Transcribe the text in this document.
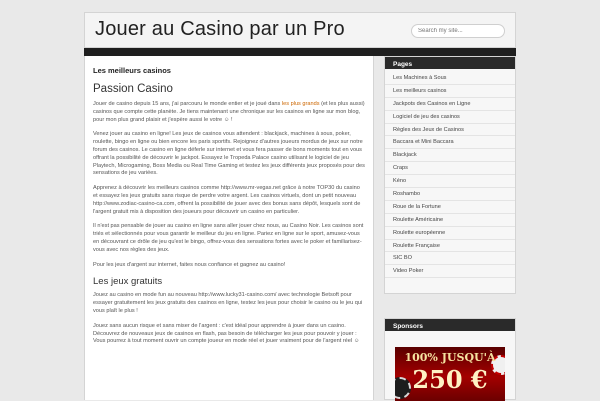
Jouer au Casino par un Pro
Search my site...
Les meilleurs casinos
Passion Casino

Jouer de casino depuis 15 ans, j'ai parcouru le monde entier et je joué dans les plus grands (et les plus aussi) casinos que compte cette planète. Je tiens maintenant une chronique sur les casinos en ligne sur mon blog, pour mon plus grand plaisir et j'espère aussi le votre ☺ !

Venez jouer au casino en ligne! Les jeux de casinos vous attendent : blackjack, machines à sous, poker, roulette, bingo en ligne ou bien encore les paris sportifs. Rejoignez d'autres joueurs mordus de jeux sur notre forum des casinos. Le casino en ligne déferle sur internet et vous fera passer de bons moments tout en vous offrant la possibilité de découvrir le jackpot. Essayez le Tropeda Palace casino utilisant le logiciel de jeu Playtech, Microgaming, Boss Media ou Real Time Gaming et testez les jeux différents jeux proposés pour des sensations de jeu variées.

Apprenez à découvrir les meilleurs casinos comme http://www.mr-vegas.net grâce à notre TOP30 du casino et essayez les jeux gratuits sans risque de perdre votre argent. Les casinos virtuels, dont un petit nouveau http://www.zodiac-casino-ca.com, offrent la possibilité de jouer avec des bonus sans dépôt, lesquels sont de l'argent gratuit mis à disposition des joueurs pour découvrir un casino en particulier.

Il n'est pas pensable de jouer au casino en ligne sans aller jouer chez nous, au Casino Noir. Les casinos sont triés et sélectionnés pour vous garantir le meilleur du jeu en ligne. Pariez en ligne sur le sport, amusez-vous en découvrant ce drôle de jeu qu'est le bingo, offrez-vous des sensations fortes avec le poker et familiarisez-vous avec nos règles des jeux.

Pour les jeux d'argent sur internet, faites nous confiance et gagnez au casino!

Les jeux gratuits

Jouez au casino en mode fun au nouveau http://www.lucky31-casino.com/ avec technologie Betsoft pour essayer gratuitement les jeux gratuits des casinos en ligne, testez les jeux pour choisir le casino ou le jeu qui vous plaît le plus !

Jouez sans aucun risque et sans miser de l'argent : c'est idéal pour apprendre à jouer dans un casino. Découvrez de nouveaux jeux de casinos en flash, pas besoin de télécharger les jeux pour pouvoir y jouer : Vous pourrez à tout moment ouvrir un compte joueur en mode réel et jouer vraiment pour de l'argent réel ☺

Pages
Les Machines à Sous
Les meilleurs casinos
Jackpots des Casinos en Ligne
Logiciel de jeu des casinos
Règles des Jeux de Casinos
Baccara et Mini Baccara
Blackjack
Craps
Kéno
Roshambo
Roue de la Fortune
Roulette Américaine
Roulette européenne
Roulette Française
SIC BO
Video Poker
Sponsors
100% JUSQU'À
250 €
